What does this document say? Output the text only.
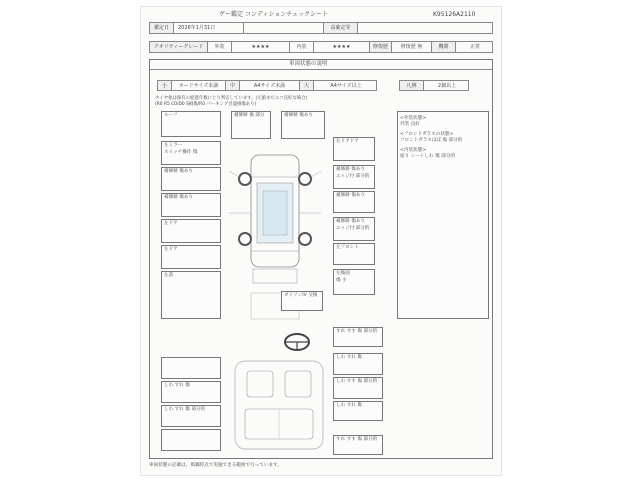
ゲー鑑定 コンディションチェックシート	K95126A2110
鑑定日	2026年1月31日	高確定等
クオリティーグレード	外装	★★★★	内装	★★★★	修復歴	修復歴 無	機関	正常
車両状態の説明
小	カードサイズ未満	中	A4サイズ未満	大	A4サイズ以上	凡例	2個以上
タイヤ他は保有の経過年数にとり判定しています。(元値まだエコ良好な場合)
(R0 R5 C0/D0 S損傷/R0 パーキング目盛損傷あり)
ルーフ
左ミラー
スイッチ操作 傷
補修跡 傷あり
補修跡 傷あり
左ドア
左ドア
左前
補修跡 傷 部分	補修跡 傷あり
左リアドア
補修跡 傷あり
エッジ付 部分的
補修跡 傷あり
補修跡 傷あり
エッジ付 部分的
左フロント
左後面
傷 小
ダイソンIV 交換
<外装状態>
外装 良好
<フロンドガラスの状態>
フロントガラスほぼ 傷 部分的
<内装状態>
座り シートしわ 傷 部分的
しわ すれ 傷
しわ すれ 傷 部分的
すれ すす 傷 部分的
しわ すれ 傷
しわ すす 傷 部分的
しわ すれ 傷
すれ すす 傷 部分的
車両状態の記載は、掲載時点で実施できる範囲で行っています。
